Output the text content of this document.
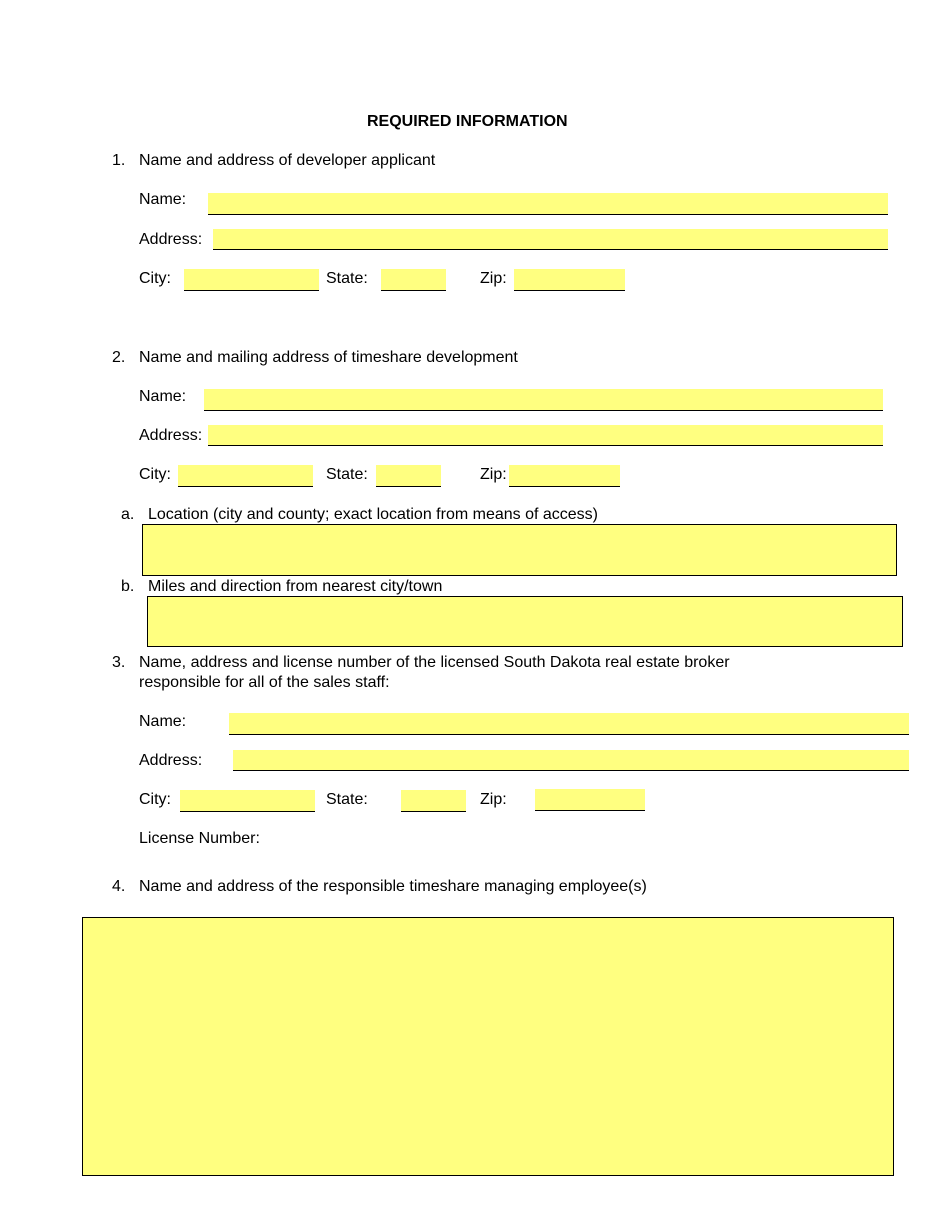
REQUIRED INFORMATION
1. Name and address of developer applicant
Name:
Address:
City:	State:	Zip:
2. Name and mailing address of timeshare development
Name:
Address:
City:	State:	Zip:
a. Location (city and county; exact location from means of access)
b. Miles and direction from nearest city/town
3. Name, address and license number of the licensed South Dakota real estate broker
responsible for all of the sales staff:
Name:
Address:
City:	State:	Zip:
License Number:
4. Name and address of the responsible timeshare managing employee(s)
